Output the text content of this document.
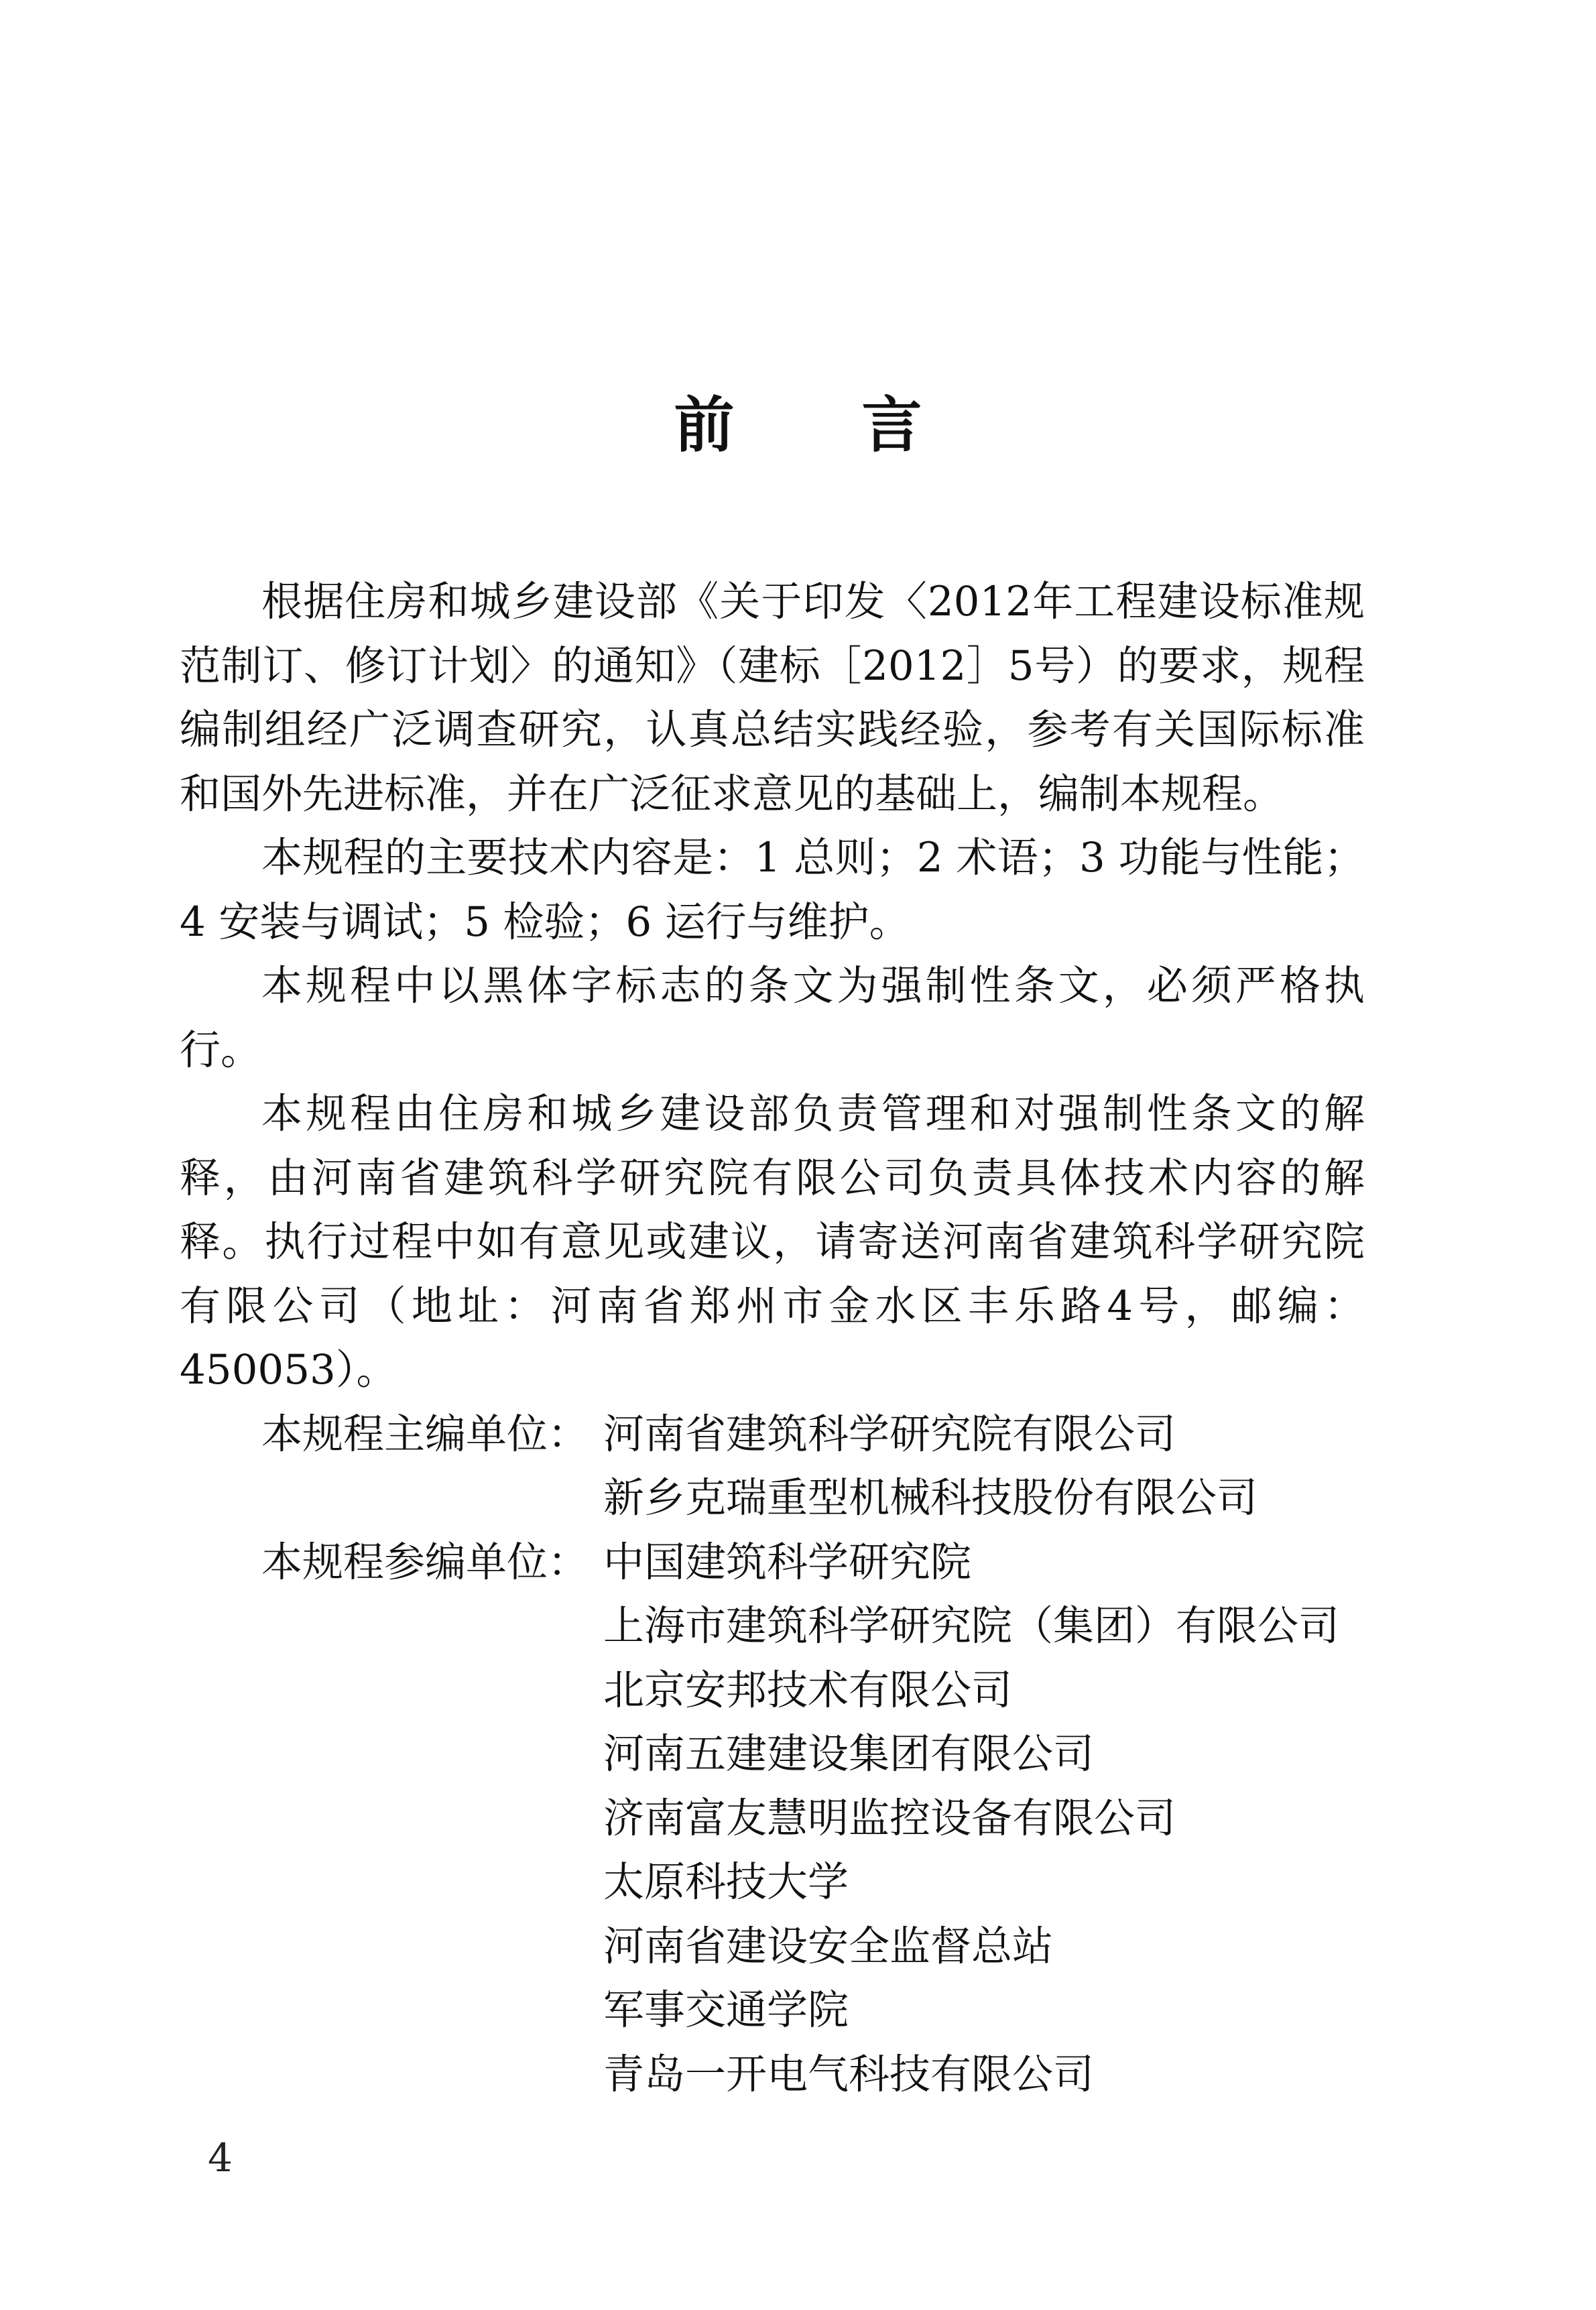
前 言

根据住房和城乡建设部《关于印发〈2012年工程建设标准规范制订、修订计划〉的通知》（建标［2012］5号）的要求，规程编制组经广泛调查研究，认真总结实践经验，参考有关国际标准和国外先进标准，并在广泛征求意见的基础上，编制本规程。

本规程的主要技术内容是：1 总则；2 术语；3 功能与性能；4 安装与调试；5 检验；6 运行与维护。

本规程中以黑体字标志的条文为强制性条文，必须严格执行。

本规程由住房和城乡建设部负责管理和对强制性条文的解释，由河南省建筑科学研究院有限公司负责具体技术内容的解释。执行过程中如有意见或建议，请寄送河南省建筑科学研究院有限公司（地址：河南省郑州市金水区丰乐路4号，邮编：450053）。

本规程主编单位： 河南省建筑科学研究院有限公司
新乡克瑞重型机械科技股份有限公司
本规程参编单位： 中国建筑科学研究院
上海市建筑科学研究院（集团）有限公司
北京安邦技术有限公司
河南五建建设集团有限公司
济南富友慧明监控设备有限公司
太原科技大学
河南省建设安全监督总站
军事交通学院
青岛一开电气科技有限公司
4
